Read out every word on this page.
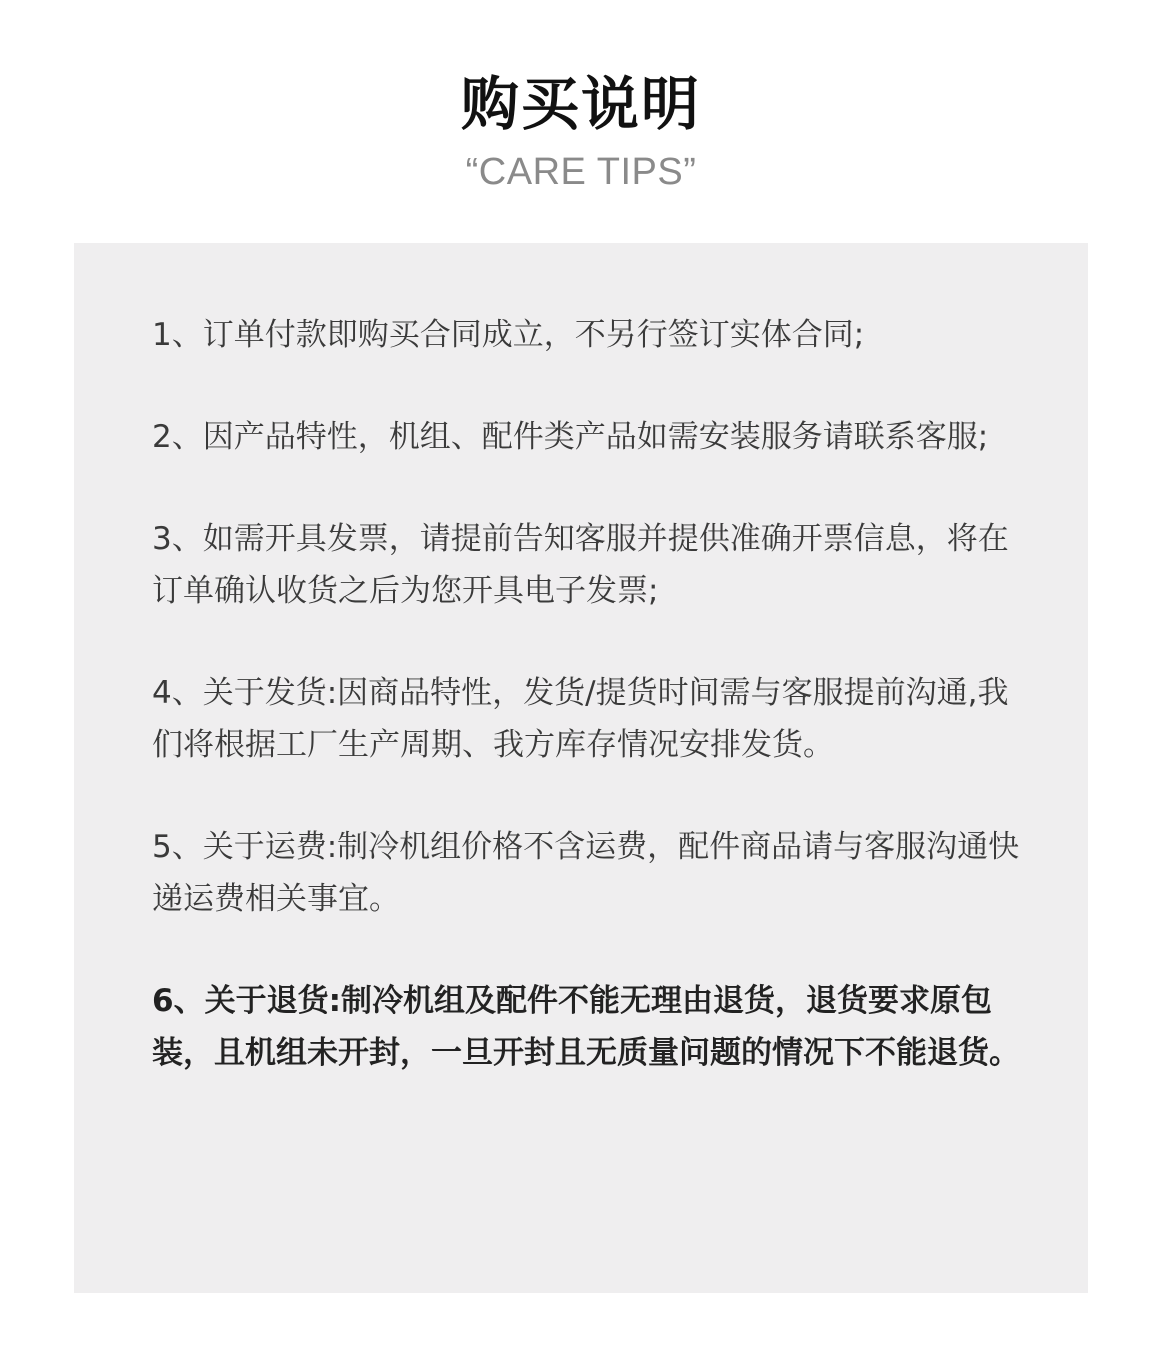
购买说明
“CARE TIPS”

1、订单付款即购买合同成立，不另行签订实体合同;

2、因产品特性，机组、配件类产品如需安装服务请联系客服;

3、如需开具发票，请提前告知客服并提供准确开票信息，将在订单确认收货之后为您开具电子发票;

4、关于发货:因商品特性，发货/提货时间需与客服提前沟通,我们将根据工厂生产周期、我方库存情况安排发货。

5、关于运费:制冷机组价格不含运费，配件商品请与客服沟通快递运费相关事宜。

6、关于退货:制冷机组及配件不能无理由退货，退货要求原包装，且机组未开封，一旦开封且无质量问题的情况下不能退货。
